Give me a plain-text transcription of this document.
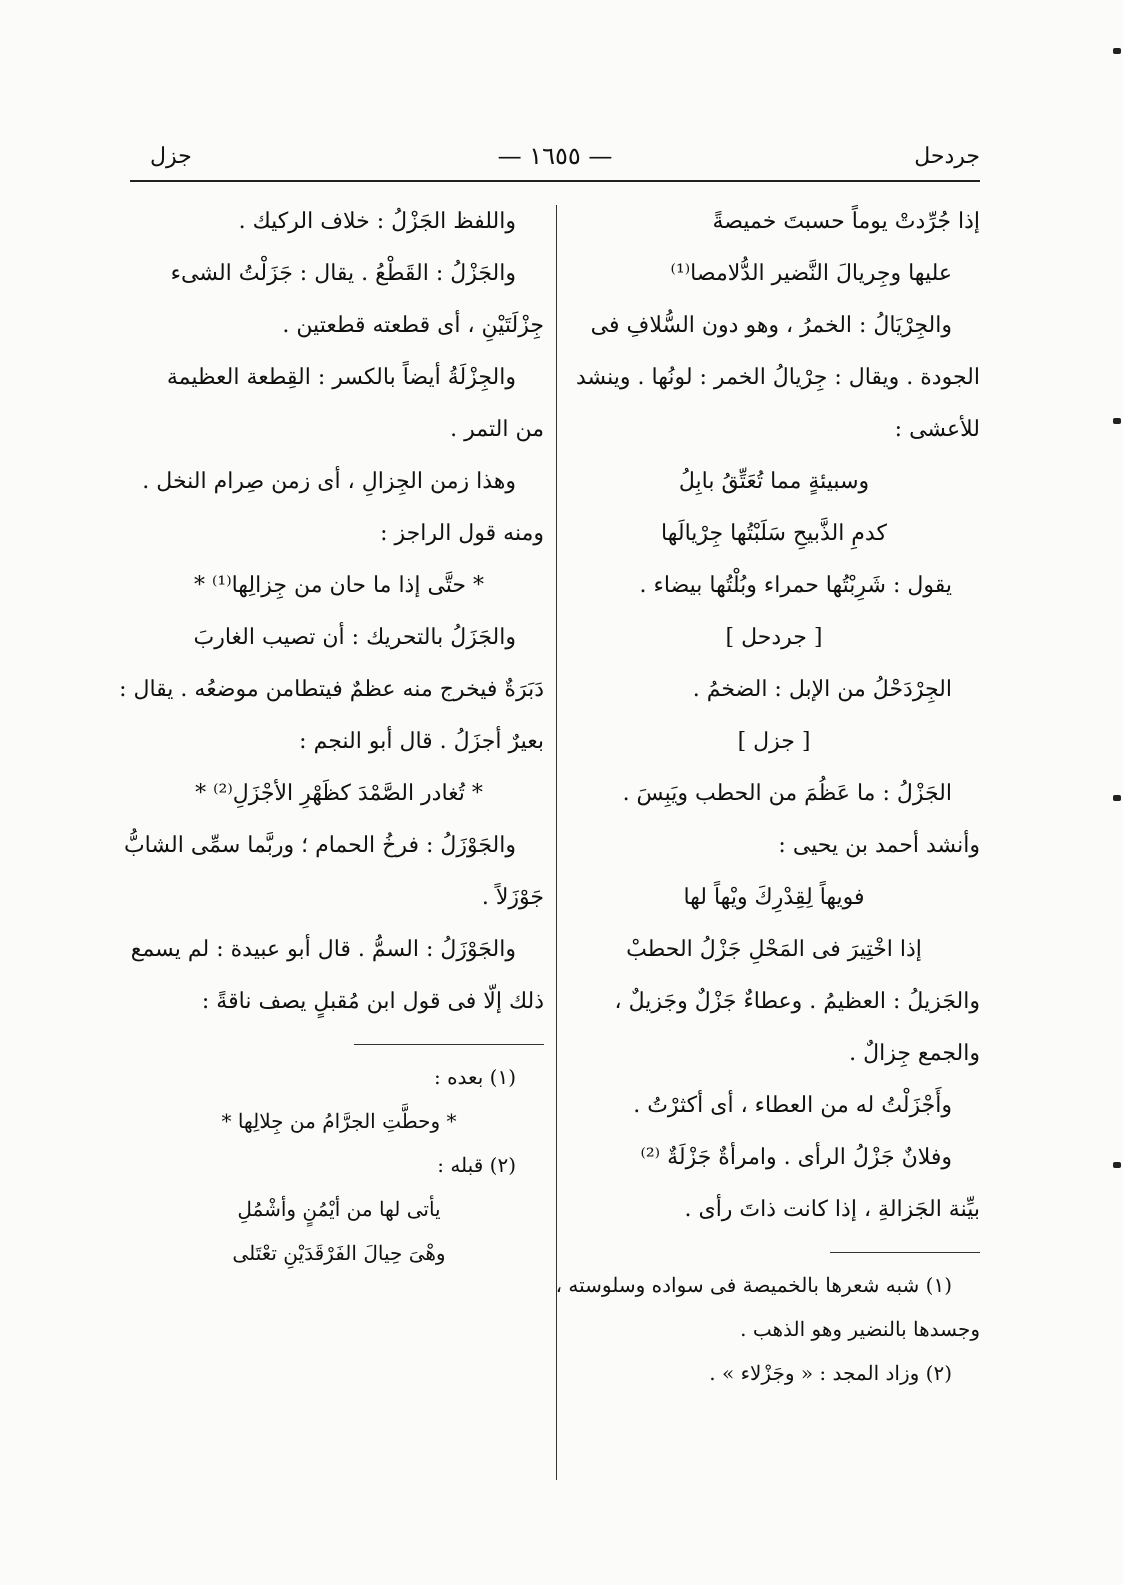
جردحل
— ١٦٥٥ —
جزل
إذا جُرِّدتْ يوماً حسبتَ خميصةً
عليها وجِريالَ النَّضير الدُّلامصا⁽¹⁾
والجِرْيَالُ : الخمرُ ، وهو دون السُّلافِ فى
الجودة . ويقال : جِرْيالُ الخمر : لونُها . وينشد
للأعشى :
وسبيئةٍ مما تُعَتِّقُ بابِلُ
كدمِ الذَّبيحِ سَلَبْتُها جِرْيالَها
يقول : شَرِبْتُها حمراء وبُلْتُها بيضاء .
[ جردحل ]
الجِرْدَحْلُ من الإبل : الضخمُ .
[ جزل ]
الجَزْلُ : ما عَظُمَ من الحطب ويَبِسَ .
وأنشد أحمد بن يحيى :
فويهاً لِقِدْرِكَ ويْهاً لها
إذا اخْتِيرَ فى المَحْلِ جَزْلُ الحطبْ
والجَزيلُ : العظيمُ . وعطاءٌ جَزْلٌ وجَزيلٌ ،
والجمع جِزالٌ .
وأَجْزَلْتُ له من العطاء ، أى أكثرْتُ .
وفلانٌ جَزْلُ الرأى . وامرأةٌ جَزْلَةٌ ⁽²⁾
بيِّنة الجَزالةِ ، إذا كانت ذاتَ رأى .
(١) شبه شعرها بالخميصة فى سواده وسلوسته ،
وجسدها بالنضير وهو الذهب .
(٢) وزاد المجد : « وجَزْلاء » .
واللفظ الجَزْلُ : خلاف الركيك .
والجَزْلُ : القَطْعُ . يقال : جَزَلْتُ الشىء
جِزْلَتَيْنِ ، أى قطعته قطعتين .
والجِزْلَةُ أيضاً بالكسر : القِطعة العظيمة
من التمر .
وهذا زمن الجِزالِ ، أى زمن صِرام النخل .
ومنه قول الراجز :
* حتَّى إذا ما حان من جِزالِها⁽¹⁾ *
والجَزَلُ بالتحريك : أن تصيب الغاربَ
دَبَرَةٌ فيخرج منه عظمٌ فيتطامن موضعُه . يقال :
بعيرٌ أجزَلُ . قال أبو النجم :
* تُغادر الصَّمْدَ كظَهْرِ الأجْزَلِ⁽²⁾ *
والجَوْزَلُ : فرخُ الحمام ؛ وربَّما سمِّى الشابُّ
جَوْزَلاً .
والجَوْزَلُ : السمُّ . قال أبو عبيدة : لم يسمع
ذلك إلّا فى قول ابن مُقبلٍ يصف ناقةً :
(١) بعده :
* وحطَّتِ الجرَّامُ من جِلالِها *
(٢) قبله :
يأتى لها من أيْمُنٍ وأشْمُلِ
وهْىَ حِيالَ الفَرْقَدَيْنِ تعْتَلى
